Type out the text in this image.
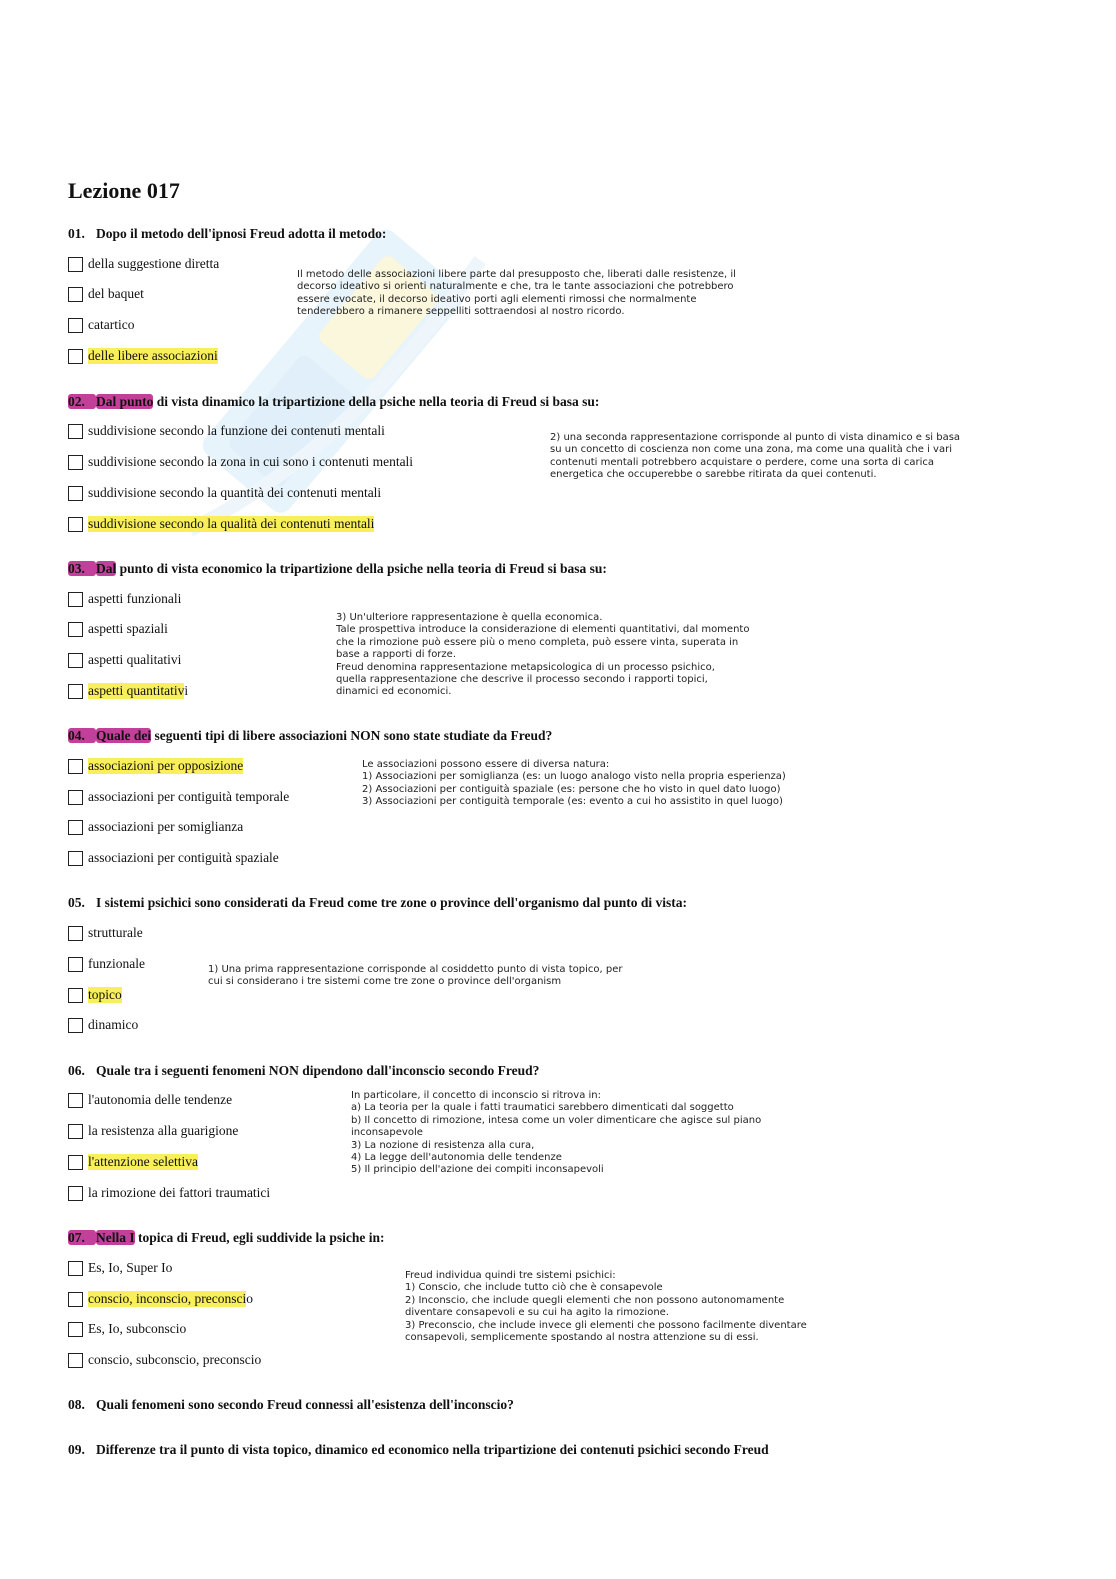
Lezione 017
01. Dopo il metodo dell'ipnosi Freud adotta il metodo:
della suggestione diretta
del baquet
catartico
delle libere associazioni
Il metodo delle associazioni libere parte dal presupposto che, liberati dalle resistenze, il
decorso ideativo si orienti naturalmente e che, tra le tante associazioni che potrebbero
essere evocate, il decorso ideativo porti agli elementi rimossi che normalmente
tenderebbero a rimanere seppelliti sottraendosi al nostro ricordo.
02. Dal punto di vista dinamico la tripartizione della psiche nella teoria di Freud si basa su:
suddivisione secondo la funzione dei contenuti mentali
suddivisione secondo la zona in cui sono i contenuti mentali
suddivisione secondo la quantità dei contenuti mentali
suddivisione secondo la qualità dei contenuti mentali
2) una seconda rappresentazione corrisponde al punto di vista dinamico e si basa
su un concetto di coscienza non come una zona, ma come una qualità che i vari
contenuti mentali potrebbero acquistare o perdere, come una sorta di carica
energetica che occuperebbe o sarebbe ritirata da quei contenuti.
03. Dal punto di vista economico la tripartizione della psiche nella teoria di Freud si basa su:
aspetti funzionali
aspetti spaziali
aspetti qualitativi
aspetti quantitativ i
3) Un'ulteriore rappresentazione è quella economica.
Tale prospettiva introduce la considerazione di elementi quantitativi, dal momento
che la rimozione può essere più o meno completa, può essere vinta, superata in
base a rapporti di forze.
Freud denomina rappresentazione metapsicologica di un processo psichico,
quella rappresentazione che descrive il processo secondo i rapporti topici,
dinamici ed economici.
04. Quale dei seguenti tipi di libere associazioni NON sono state studiate da Freud?
associazioni per opposizione
associazioni per contiguità temporale
associazioni per somiglianza
associazioni per contiguità spaziale
Le associazioni possono essere di diversa natura:
1) Associazioni per somiglianza (es: un luogo analogo visto nella propria esperienza)
2) Associazioni per contiguità spaziale (es: persone che ho visto in quel dato luogo)
3) Associazioni per contiguità temporale (es: evento a cui ho assistito in quel luogo)
05. I sistemi psichici sono considerati da Freud come tre zone o province dell'organismo dal punto di vista:
strutturale
funzionale
topico
dinamico
1) Una prima rappresentazione corrisponde al cosiddetto punto di vista topico, per
cui si considerano i tre sistemi come tre zone o province dell'organism
06. Quale tra i seguenti fenomeni NON dipendono dall'inconscio secondo Freud?
l'autonomia delle tendenze
la resistenza alla guarigione
l'attenzione selettiva
la rimozione dei fattori traumatici
In particolare, il concetto di inconscio si ritrova in:
a) La teoria per la quale i fatti traumatici sarebbero dimenticati dal soggetto
b) Il concetto di rimozione, intesa come un voler dimenticare che agisce sul piano
inconsapevole
3) La nozione di resistenza alla cura,
4) La legge dell'autonomia delle tendenze
5) Il principio dell'azione dei compiti inconsapevoli
07. Nella I topica di Freud, egli suddivide la psiche in:
Es, Io, Super Io
conscio, inconscio, preconsci o
Es, Io, subconscio
conscio, subconscio, preconscio
Freud individua quindi tre sistemi psichici:
1) Conscio, che include tutto ciò che è consapevole
2) Inconscio, che include quegli elementi che non possono autonomamente
diventare consapevoli e su cui ha agito la rimozione.
3) Preconscio, che include invece gli elementi che possono facilmente diventare
consapevoli, semplicemente spostando al nostra attenzione su di essi.
08. Quali fenomeni sono secondo Freud connessi all'esistenza dell'inconscio?
09. Differenze tra il punto di vista topico, dinamico ed economico nella tripartizione dei contenuti psichici secondo Freud
